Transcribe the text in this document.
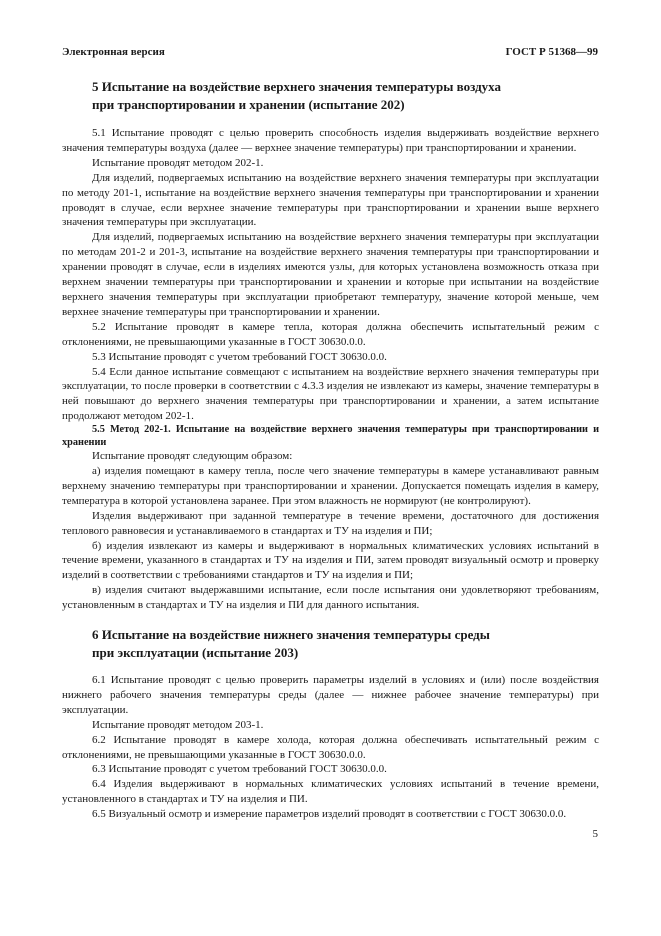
Электронная версия	ГОСТ Р 51368—99
5 Испытание на воздействие верхнего значения температуры воздуха
при транспортировании и хранении (испытание 202)

5.1 Испытание проводят с целью проверить способность изделия выдерживать воздействие верхнего значения температуры воздуха (далее — верхнее значение температуры) при транспортировании и хранении.

Испытание проводят методом 202-1.

Для изделий, подвергаемых испытанию на воздействие верхнего значения температуры при эксплуатации по методу 201-1, испытание на воздействие верхнего значения температуры при транспортировании и хранении проводят в случае, если верхнее значение температуры при транспортировании и хранении выше верхнего значения температуры при эксплуатации.

Для изделий, подвергаемых испытанию на воздействие верхнего значения температуры при эксплуатации по методам 201-2 и 201-3, испытание на воздействие верхнего значения температуры при транспортировании и хранении проводят в случае, если в изделиях имеются узлы, для которых установлена возможность отказа при верхнем значении температуры при транспортировании и хранении и которые при испытании на воздействие верхнего значения температуры при эксплуатации приобретают температуру, значение которой меньше, чем верхнее значение температуры при транспортировании и хранении.

5.2 Испытание проводят в камере тепла, которая должна обеспечить испытательный режим с отклонениями, не превышающими указанные в ГОСТ 30630.0.0.

5.3 Испытание проводят с учетом требований ГОСТ 30630.0.0.

5.4 Если данное испытание совмещают с испытанием на воздействие верхнего значения температуры при эксплуатации, то после проверки в соответствии с 4.3.3 изделия не извлекают из камеры, значение температуры в ней повышают до верхнего значения температуры при транспортировании и хранении, а затем испытание продолжают методом 202-1.

5.5 Метод 202-1. Испытание на воздействие верхнего значения температуры при транспортировании и хранении

Испытание проводят следующим образом:

а) изделия помещают в камеру тепла, после чего значение температуры в камере устанавливают равным верхнему значению температуры при транспортировании и хранении. Допускается помещать изделия в камеру, температура в которой установлена заранее. При этом влажность не нормируют (не контролируют).

Изделия выдерживают при заданной температуре в течение времени, достаточного для достижения теплового равновесия и устанавливаемого в стандартах и ТУ на изделия и ПИ;

б) изделия извлекают из камеры и выдерживают в нормальных климатических условиях испытаний в течение времени, указанного в стандартах и ТУ на изделия и ПИ, затем проводят визуальный осмотр и проверку изделий в соответствии с требованиями стандартов и ТУ на изделия и ПИ;

в) изделия считают выдержавшими испытание, если после испытания они удовлетворяют требованиям, установленным в стандартах и ТУ на изделия и ПИ для данного испытания.

6 Испытание на воздействие нижнего значения температуры среды
при эксплуатации (испытание 203)

6.1 Испытание проводят с целью проверить параметры изделий в условиях и (или) после воздействия нижнего рабочего значения температуры среды (далее — нижнее рабочее значение температуры) при эксплуатации.

Испытание проводят методом 203-1.

6.2 Испытание проводят в камере холода, которая должна обеспечивать испытательный режим с отклонениями, не превышающими указанные в ГОСТ 30630.0.0.

6.3 Испытание проводят с учетом требований ГОСТ 30630.0.0.

6.4 Изделия выдерживают в нормальных климатических условиях испытаний в течение времени, установленного в стандартах и ТУ на изделия и ПИ.

6.5 Визуальный осмотр и измерение параметров изделий проводят в соответствии с ГОСТ 30630.0.0.

5
